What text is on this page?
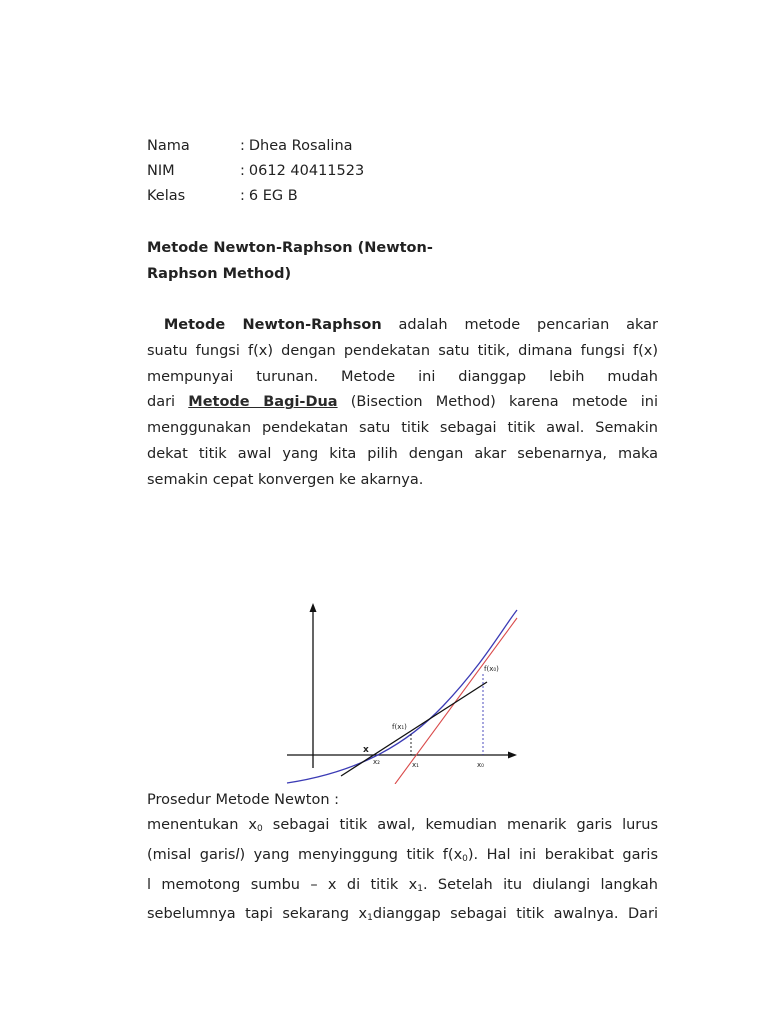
Nama	: Dhea Rosalina
NIM	: 0612 40411523
Kelas	: 6 EG B
Metode Newton-Raphson (Newton-
Raphson Method)
Metode Newton-Raphson adalah metode pencarian akar
suatu fungsi f(x) dengan pendekatan satu titik, dimana fungsi f(x)
mempunyai turunan. Metode ini dianggap lebih mudah
dari Metode Bagi-Dua (Bisection Method) karena metode ini
menggunakan pendekatan satu titik sebagai titik awal. Semakin
dekat titik awal yang kita pilih dengan akar sebenarnya, maka
semakin cepat konvergen ke akarnya.
f(x₀)
f(x₁)
x
x₂	x₁	x₀
Prosedur Metode Newton :
menentukan $x_0$ sebagai titik awal, kemudian menarik garis lurus
(misal garisl) yang menyinggung titik $f(x_0)$. Hal ini berakibat garis
l memotong sumbu – x di titik $x_1$. Setelah itu diulangi langkah
sebelumnya tapi sekarang $x_1dianggap$ sebagai titik awalnya. Dari
